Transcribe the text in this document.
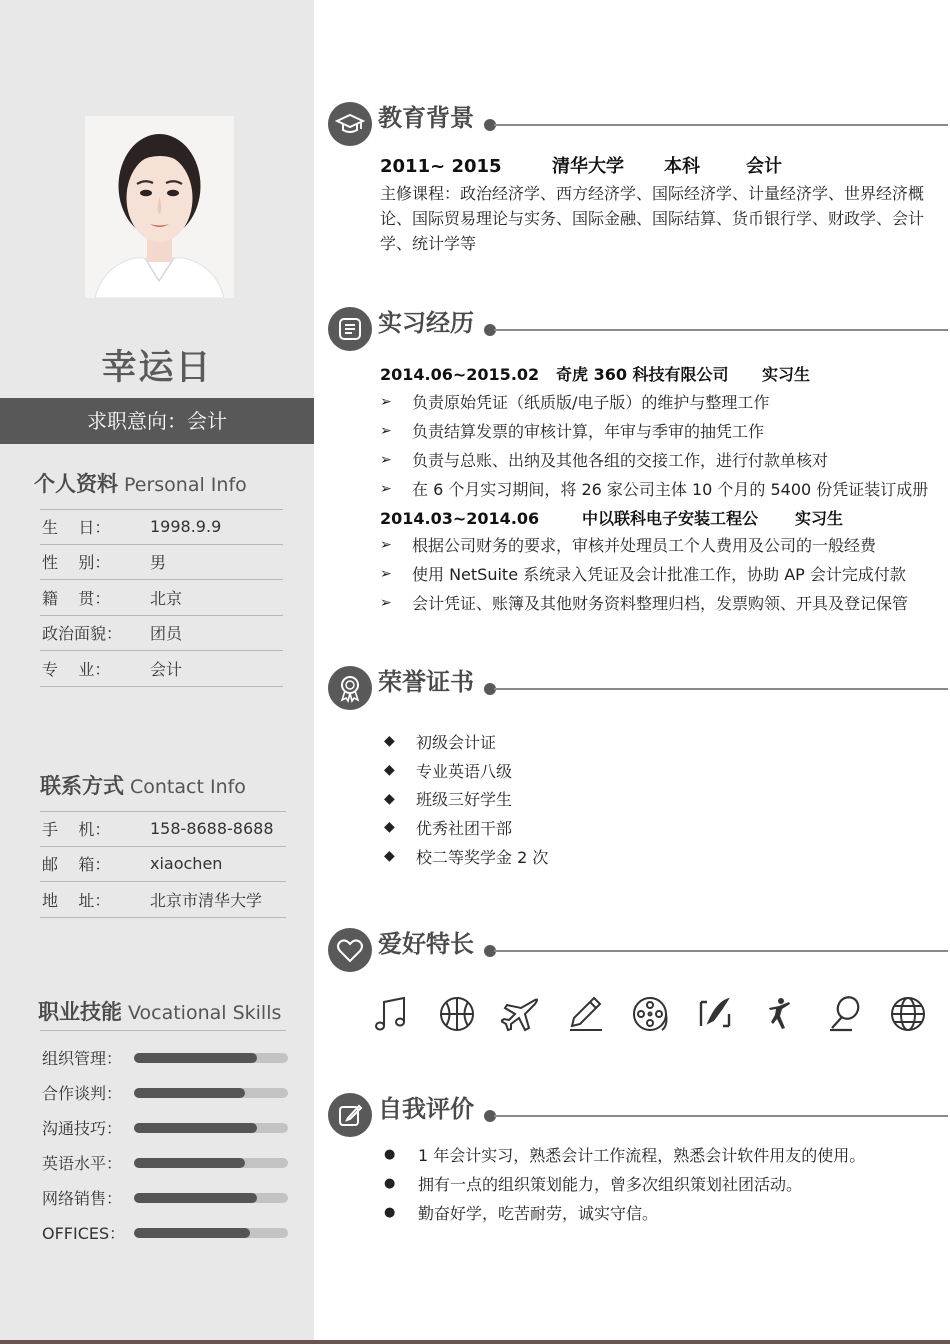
幸运日
求职意向：会计
个人资料 Personal Info
生    日：	1998.9.9
性    别：	男
籍    贯：	北京
政治面貌：	团员
专    业：	会计
联系方式 Contact Info
手    机：	158-8688-8688
邮    箱：	xiaochen
地    址：	北京市清华大学
职业技能 Vocational Skills
组织管理：
合作谈判：
沟通技巧：
英语水平：
网络销售：
OFFICES：
教育背景
2011~ 2015	清华大学 本科	会计
主修课程：政治经济学、西方经济学、国际经济学、计量经济学、世界经济概论、国际贸易理论与实务、国际金融、国际结算、货币银行学、财政学、会计学、统计学等
实习经历
2014.06~2015.02 奇虎 360 科技有限公司 实习生
➢	负责原始凭证（纸质版/电子版）的维护与整理工作
➢	负责结算发票的审核计算，年审与季审的抽凭工作
➢	负责与总账、出纳及其他各组的交接工作，进行付款单核对
➢	在 6 个月实习期间，将 26 家公司主体 10 个月的 5400 份凭证装订成册
2014.03~2014.06	中以联科电子安装工程公 实习生
➢	根据公司财务的要求，审核并处理员工个人费用及公司的一般经费
➢	使用 NetSuite 系统录入凭证及会计批准工作，协助 AP 会计完成付款
➢	会计凭证、账簿及其他财务资料整理归档，发票购领、开具及登记保管
荣誉证书
◆	初级会计证
◆	专业英语八级
◆	班级三好学生
◆	优秀社团干部
◆	校二等奖学金 2 次
爱好特长
自我评价
●	1 年会计实习，熟悉会计工作流程，熟悉会计软件用友的使用。
●	拥有一点的组织策划能力，曾多次组织策划社团活动。
●	勤奋好学，吃苦耐劳，诚实守信。
